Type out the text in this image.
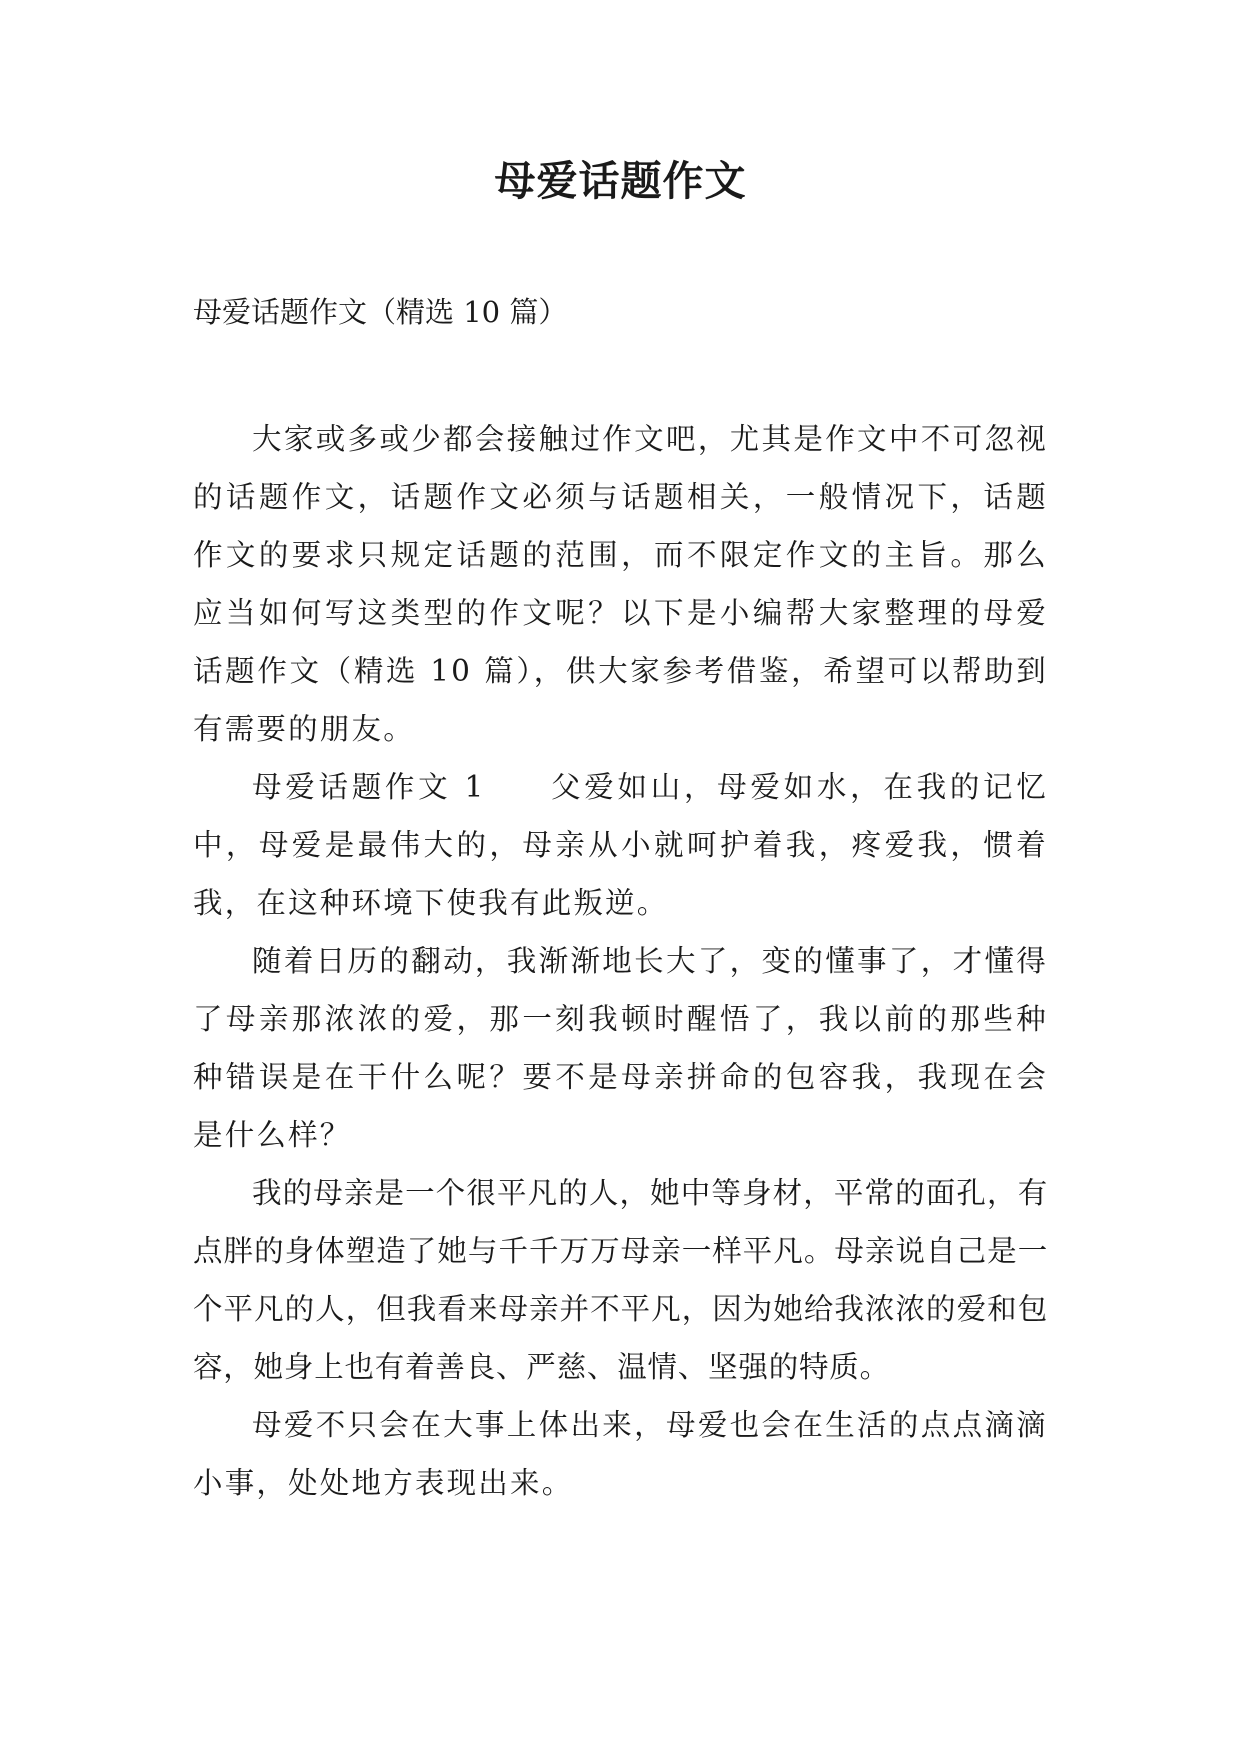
母爱话题作文

母爱话题作文（精选 10 篇）

大家或多或少都会接触过作文吧，尤其是作文中不可忽视的话题作文，话题作文必须与话题相关，一般情况下，话题作文的要求只规定话题的范围，而不限定作文的主旨。那么应当如何写这类型的作文呢？以下是小编帮大家整理的母爱话题作文（精选 10 篇），供大家参考借鉴，希望可以帮助到有需要的朋友。

母爱话题作文 1 父爱如山，母爱如水，在我的记忆中，母爱是最伟大的，母亲从小就呵护着我，疼爱我，惯着我，在这种环境下使我有此叛逆。

随着日历的翻动，我渐渐地长大了，变的懂事了，才懂得了母亲那浓浓的爱，那一刻我顿时醒悟了，我以前的那些种种错误是在干什么呢？要不是母亲拼命的包容我，我现在会是什么样？

我的母亲是一个很平凡的人，她中等身材，平常的面孔，有点胖的身体塑造了她与千千万万母亲一样平凡。母亲说自己是一个平凡的人，但我看来母亲并不平凡，因为她给我浓浓的爱和包容，她身上也有着善良、严慈、温情、坚强的特质。

母爱不只会在大事上体出来，母爱也会在生活的点点滴滴小事，处处地方表现出来。
